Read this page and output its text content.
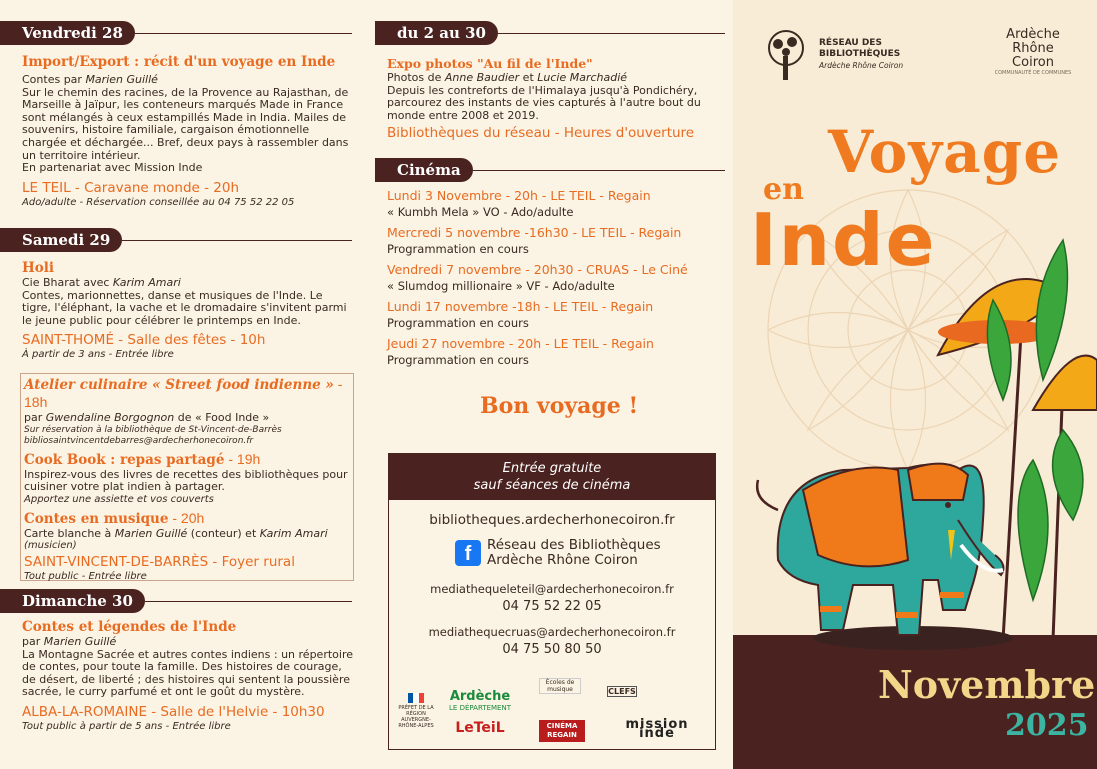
Vendredi 28
Import/Export : récit d'un voyage en Inde
Contes par Marien Guillé
Sur le chemin des racines, de la Provence au Rajasthan, de Marseille à Jaïpur, les conteneurs marqués Made in France sont mélangés à ceux estampillés Made in India. Mailes de souvenirs, histoire familiale, cargaison émotionnelle chargée et déchargée... Bref, deux pays à rassembler dans un territoire intérieur.
En partenariat avec Mission Inde
LE TEIL - Caravane monde - 20h
Ado/adulte - Réservation conseillée au 04 75 52 22 05
Samedi 29
Holi
Cie Bharat avec Karim Amari
Contes, marionnettes, danse et musiques de l'Inde. Le tigre, l'éléphant, la vache et le dromadaire s'invitent parmi le jeune public pour célébrer le printemps en Inde.
SAINT-THOMÉ - Salle des fêtes - 10h
À partir de 3 ans - Entrée libre
Atelier culinaire « Street food indienne » - 18h
par Gwendaline Borgognon de « Food Inde »
Sur réservation à la bibliothèque de St-Vincent-de-Barrès
bibliosaintvincentdebarres@ardecherhonecoiron.fr
Cook Book : repas partagé - 19h
Inspirez-vous des livres de recettes des bibliothèques pour cuisiner votre plat indien à partager.
Apportez une assiette et vos couverts
Contes en musique - 20h
Carte blanche à Marien Guillé (conteur) et Karim Amari
(musicien)
SAINT-VINCENT-DE-BARRÈS - Foyer rural
Tout public - Entrée libre
Dimanche 30
Contes et légendes de l'Inde
par Marien Guillé
La Montagne Sacrée et autres contes indiens : un répertoire de contes, pour toute la famille. Des histoires de courage, de désert, de liberté ; des histoires qui sentent la poussière sacrée, le curry parfumé et ont le goût du mystère.
ALBA-LA-ROMAINE - Salle de l'Helvie - 10h30
Tout public à partir de 5 ans - Entrée libre
du 2 au 30
Expo photos "Au fil de l'Inde"
Photos de Anne Baudier et Lucie Marchadié
Depuis les contreforts de l'Himalaya jusqu'à Pondichéry, parcourez des instants de vies capturés à l'autre bout du monde entre 2008 et 2019.
Bibliothèques du réseau - Heures d'ouverture
Cinéma
Lundi 3 Novembre - 20h - LE TEIL - Regain
« Kumbh Mela » VO - Ado/adulte
Mercredi 5 novembre -16h30 - LE TEIL - Regain
Programmation en cours
Vendredi 7 novembre - 20h30 - CRUAS - Le Ciné
« Slumdog millionaire » VF - Ado/adulte
Lundi 17 novembre -18h - LE TEIL - Regain
Programmation en cours
Jeudi 27 novembre - 20h - LE TEIL - Regain
Programmation en cours
Bon voyage !
Entrée gratuite
sauf séances de cinéma
bibliotheques.ardecherhonecoiron.fr
f	Réseau des Bibliothèques
Ardèche Rhône Coiron
mediathequeleteil@ardecherhonecoiron.fr
04 75 52 22 05
mediathequecruas@ardecherhonecoiron.fr
04 75 50 80 50
PRÉFET DE LA RÉGION AUVERGNE-RHÔNE-ALPES
Ardèche
LE DÉPARTEMENT
LeTeiL
Écoles de musique
CINÉMA REGAIN
CLEFS
mission inde
RÉSEAU DES
BIBLIOTHÈQUES
Ardèche Rhône Coiron
Ardèche
Rhône
Coiron
COMMUNAUTÉ DE COMMUNES
Voyage
en
Inde
Novembre
2025
